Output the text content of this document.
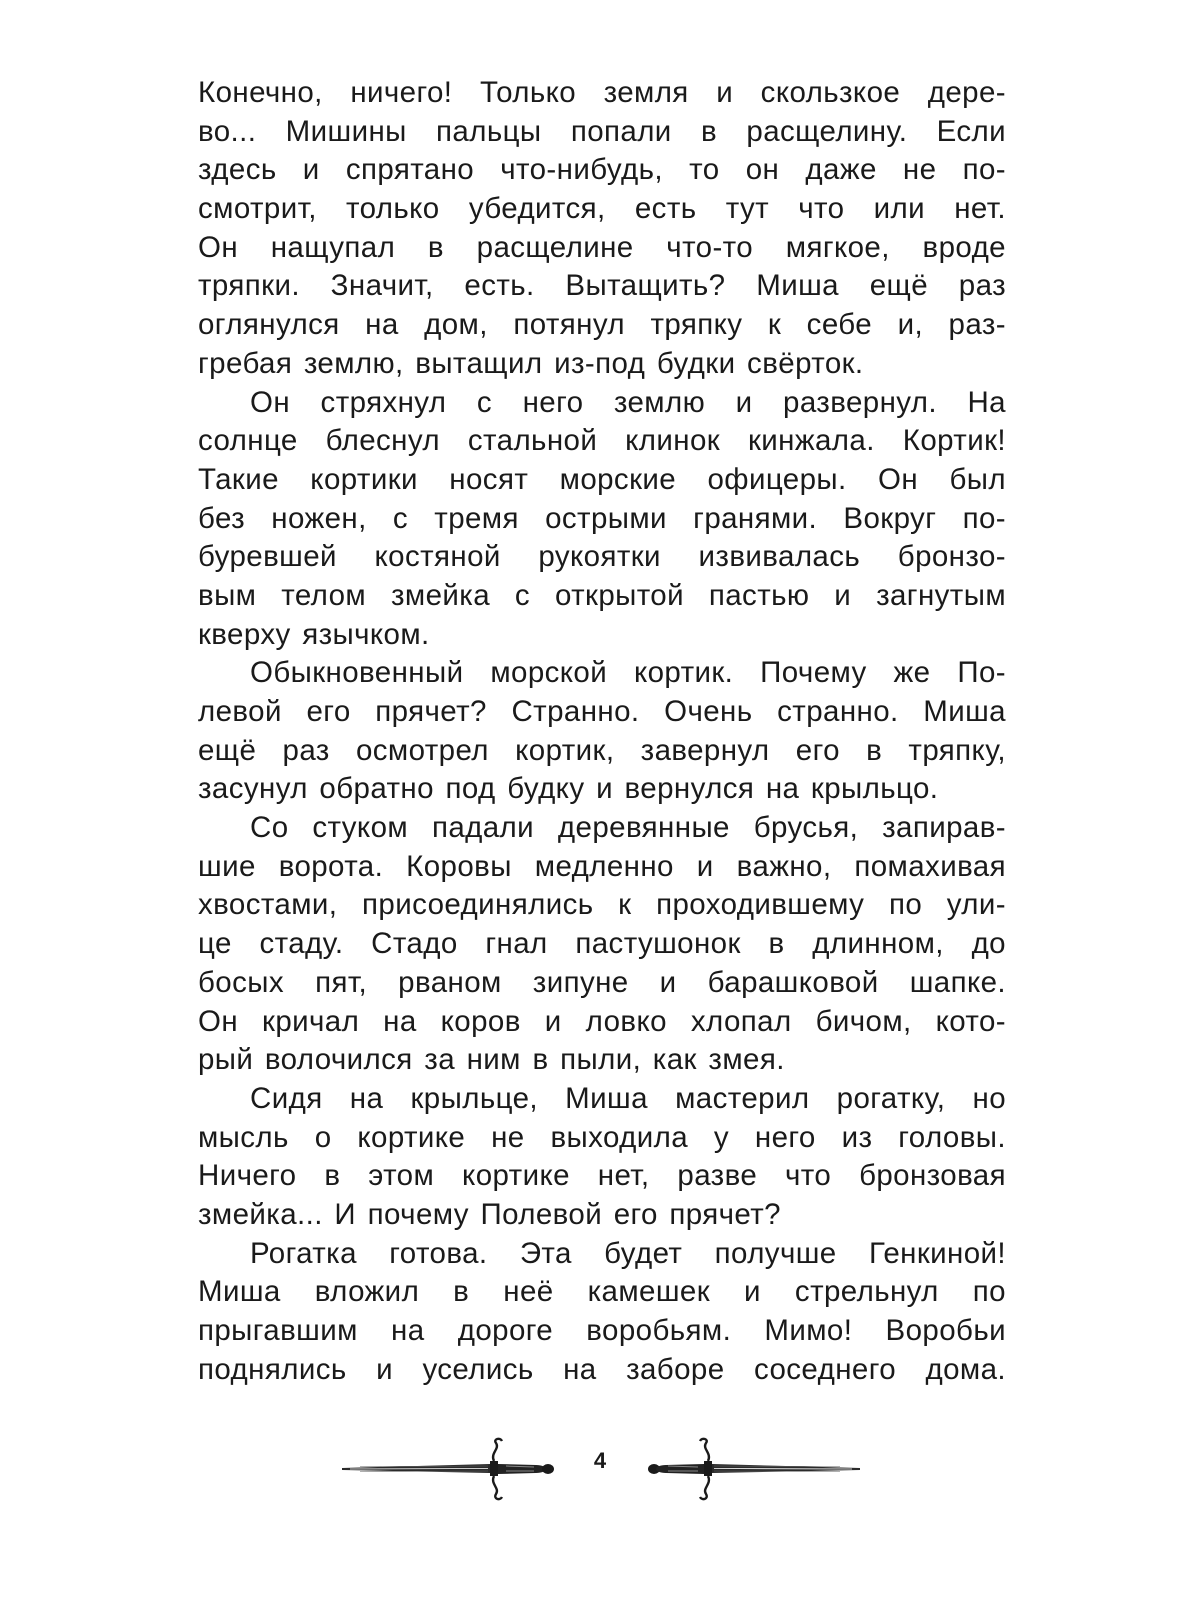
Конечно, ничего! Только земля и скользкое дере-
во... Мишины пальцы попали в расщелину. Если
здесь и спрятано что-нибудь, то он даже не по-
смотрит, только убедится, есть тут что или нет.
Он нащупал в расщелине что-то мягкое, вроде
тряпки. Значит, есть. Вытащить? Миша ещё раз
оглянулся на дом, потянул тряпку к себе и, раз-
гребая землю, вытащил из-под будки свёрток.
Он стряхнул с него землю и развернул. На
солнце блеснул стальной клинок кинжала. Кортик!
Такие кортики носят морские офицеры. Он был
без ножен, с тремя острыми гранями. Вокруг по-
буревшей костяной рукоятки извивалась бронзо-
вым телом змейка с открытой пастью и загнутым
кверху язычком.
Обыкновенный морской кортик. Почему же По-
левой его прячет? Странно. Очень странно. Миша
ещё раз осмотрел кортик, завернул его в тряпку,
засунул обратно под будку и вернулся на крыльцо.
Со стуком падали деревянные брусья, запирав-
шие ворота. Коровы медленно и важно, помахивая
хвостами, присоединялись к проходившему по ули-
це стаду. Стадо гнал пастушонок в длинном, до
босых пят, рваном зипуне и барашковой шапке.
Он кричал на коров и ловко хлопал бичом, кото-
рый волочился за ним в пыли, как змея.
Сидя на крыльце, Миша мастерил рогатку, но
мысль о кортике не выходила у него из головы.
Ничего в этом кортике нет, разве что бронзовая
змейка... И почему Полевой его прячет?
Рогатка готова. Эта будет получше Генкиной!
Миша вложил в неё камешек и стрельнул по
прыгавшим на дороге воробьям. Мимо! Воробьи
поднялись и уселись на заборе соседнего дома.
4
